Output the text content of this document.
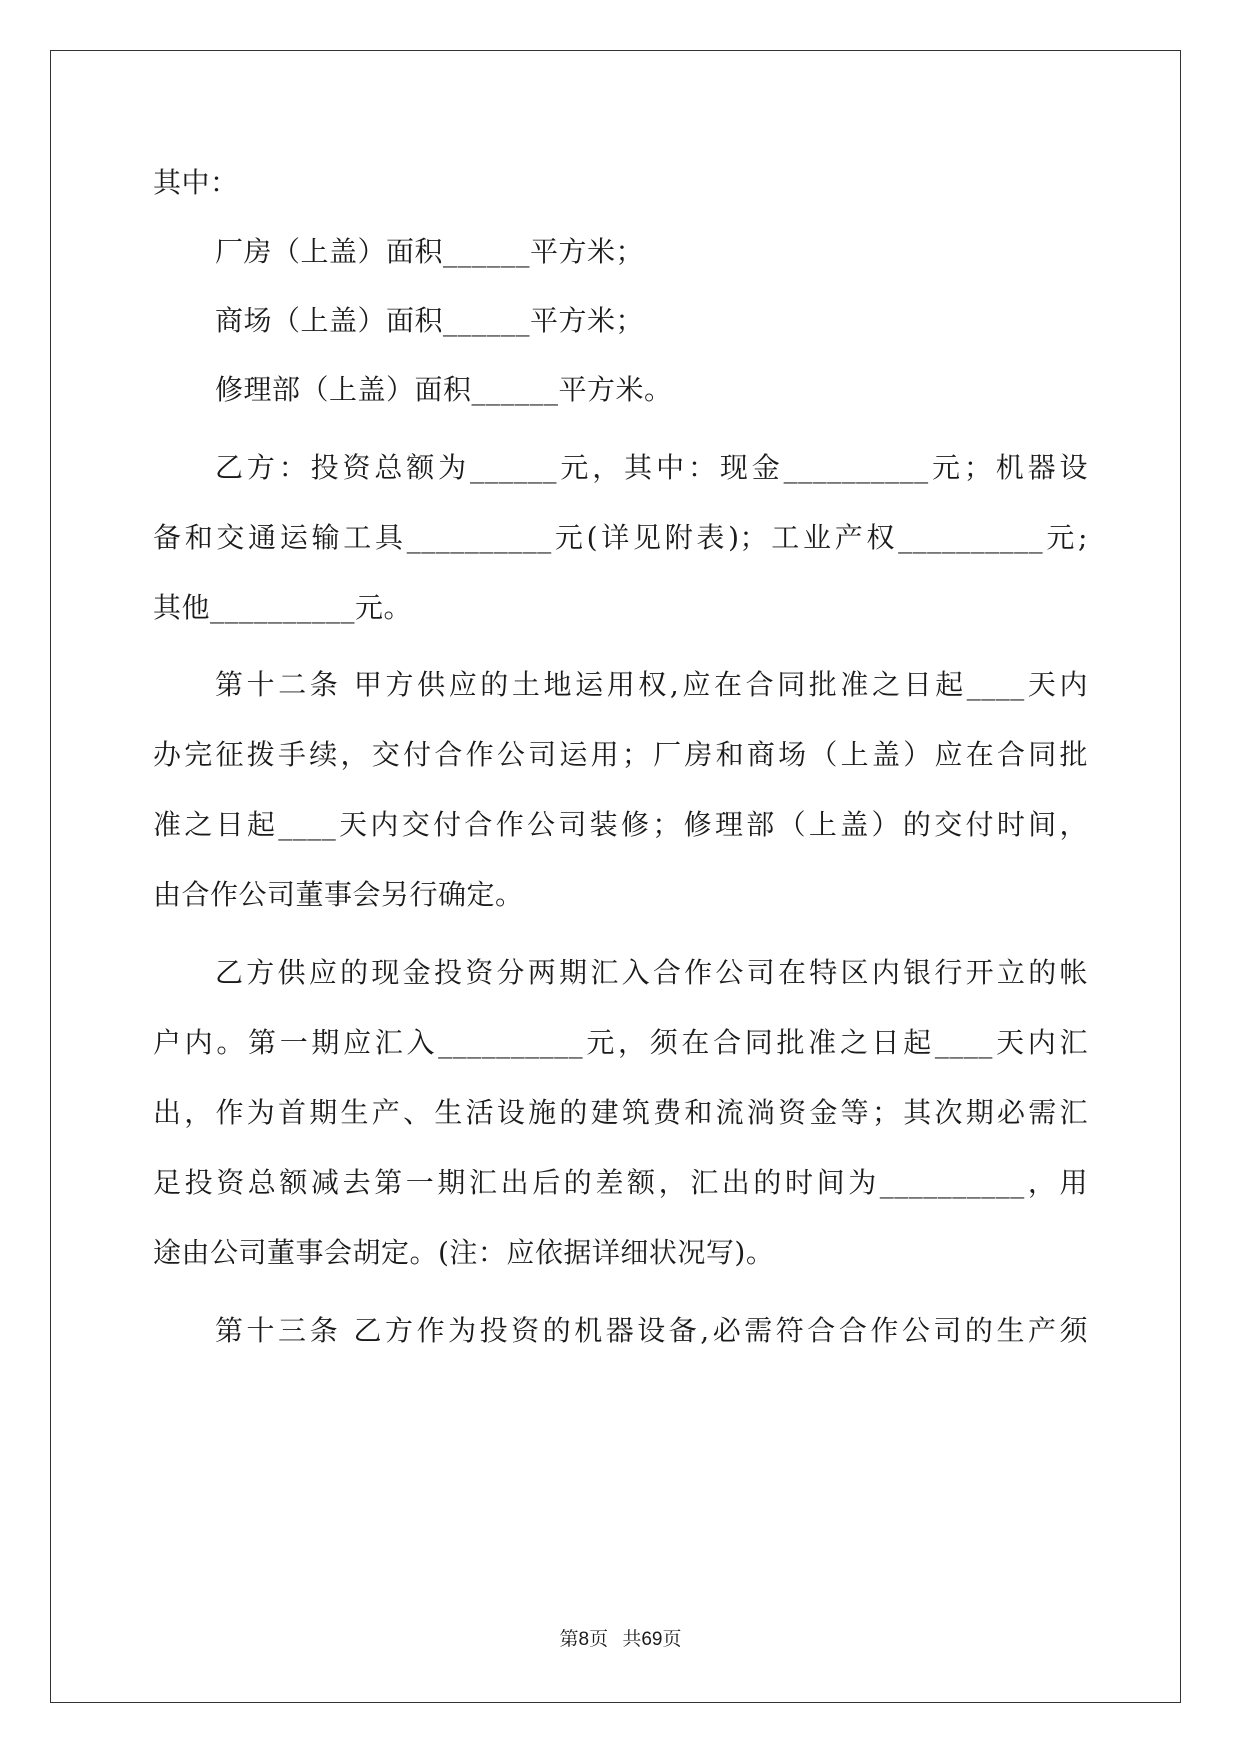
其中：
厂房（上盖）面积______平方米；
商场（上盖）面积______平方米；
修理部（上盖）面积______平方米。
乙方：投资总额为______元，其中：现金__________元；机器设
备和交通运输工具__________元(详见附表)；工业产权__________元;
其他__________元。
第十二条 甲方供应的土地运用权,应在合同批准之日起____天内
办完征拨手续，交付合作公司运用；厂房和商场（上盖）应在合同批
准之日起____天内交付合作公司装修；修理部（上盖）的交付时间，
由合作公司董事会另行确定。
乙方供应的现金投资分两期汇入合作公司在特区内银行开立的帐
户内。第一期应汇入__________元，须在合同批准之日起____天内汇
出，作为首期生产、生活设施的建筑费和流淌资金等；其次期必需汇
足投资总额减去第一期汇出后的差额，汇出的时间为__________，用
途由公司董事会胡定。(注：应依据详细状况写)。
第十三条 乙方作为投资的机器设备,必需符合合作公司的生产须
第8页 共69页
